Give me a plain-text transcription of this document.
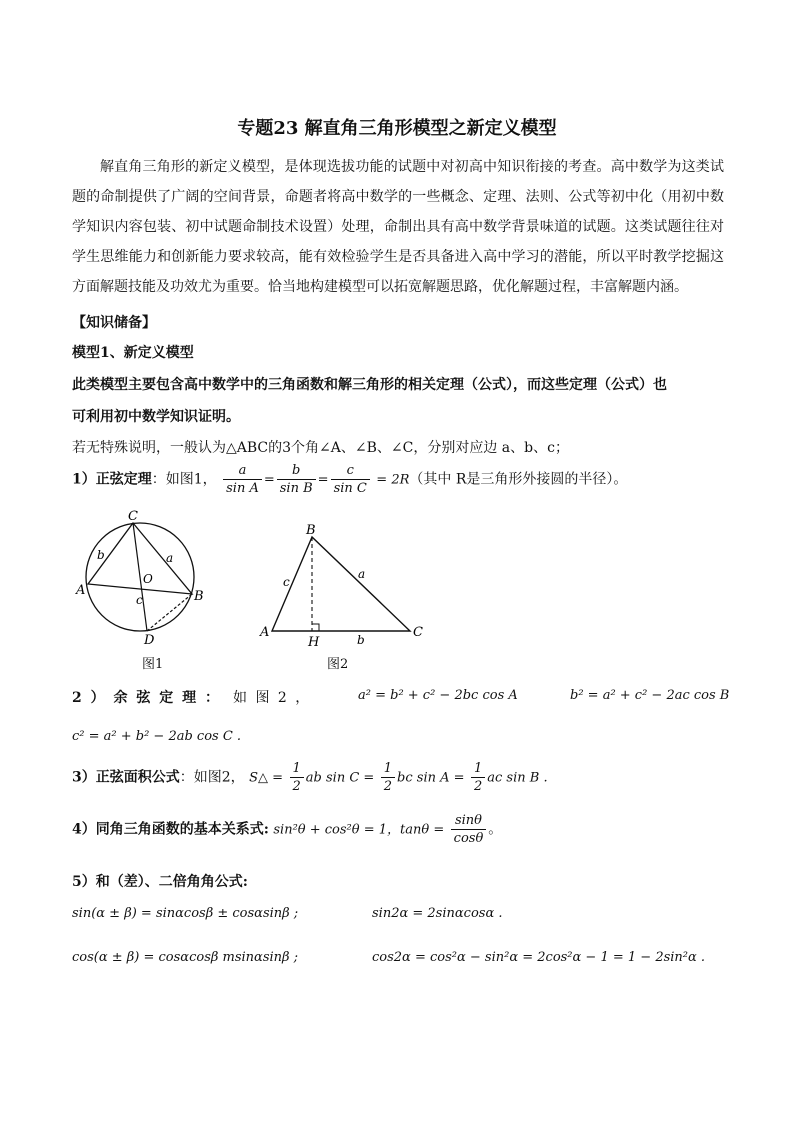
专题23 解直角三角形模型之新定义模型
解直角三角形的新定义模型，是体现选拔功能的试题中对初高中知识衔接的考查。高中数学为这类试题的命制提供了广阔的空间背景，命题者将高中数学的一些概念、定理、法则、公式等初中化（用初中数学知识内容包装、初中试题命制技术设置）处理，命制出具有高中数学背景味道的试题。这类试题往往对学生思维能力和创新能力要求较高，能有效检验学生是否具备进入高中学习的潜能，所以平时教学挖掘这方面解题技能及功效尤为重要。恰当地构建模型可以拓宽解题思路，优化解题过程，丰富解题内涵。
【知识储备】
模型1、新定义模型
此类模型主要包含高中数学中的三角函数和解三角形的相关定理（公式），而这些定理（公式）也
可利用初中数学知识证明。
若无特殊说明，一般认为△ABC的3个角∠A、∠B、∠C，分别对应边 a、b、c；
1）正弦定理：如图1， $\frac{a}{\text{sin A}} = \frac{b}{\text{sin B}} = \frac{c}{\text{sin C}} = 2R$（其中 R是三角形外接圆的半径）。
C
A	B
D
O
b	a
c
图1
B
A	C
H
c
a
b
图2
2 ） 余 弦 定 理 ： 如 图 2 ，	a² = b² + c² − 2bc cos A	b² = a² + c² − 2ac cos B
c² = a² + b² − 2ab cos C .
3）正弦面积公式：如图2， S△ = $\frac{1}{2}$ ab $\sin C = \frac{1}{2}$ bc $\sin A = \frac{1}{2}$ ac sin B .
4）同角三角函数的基本关系式: sin²θ + cos²θ = 1，$\tan\theta = \frac{\sin\theta}{\cos\theta}$ 。
5）和（差）、二倍角角公式:
sin(α ± β) = sinαcosβ ± cosαsinβ ;	sin2α = 2sinαcosα .
cos(α ± β) = cosαcosβ msinαsinβ ;	cos2α = cos²α − sin²α = 2cos²α − 1 = 1 − 2sin²α .
